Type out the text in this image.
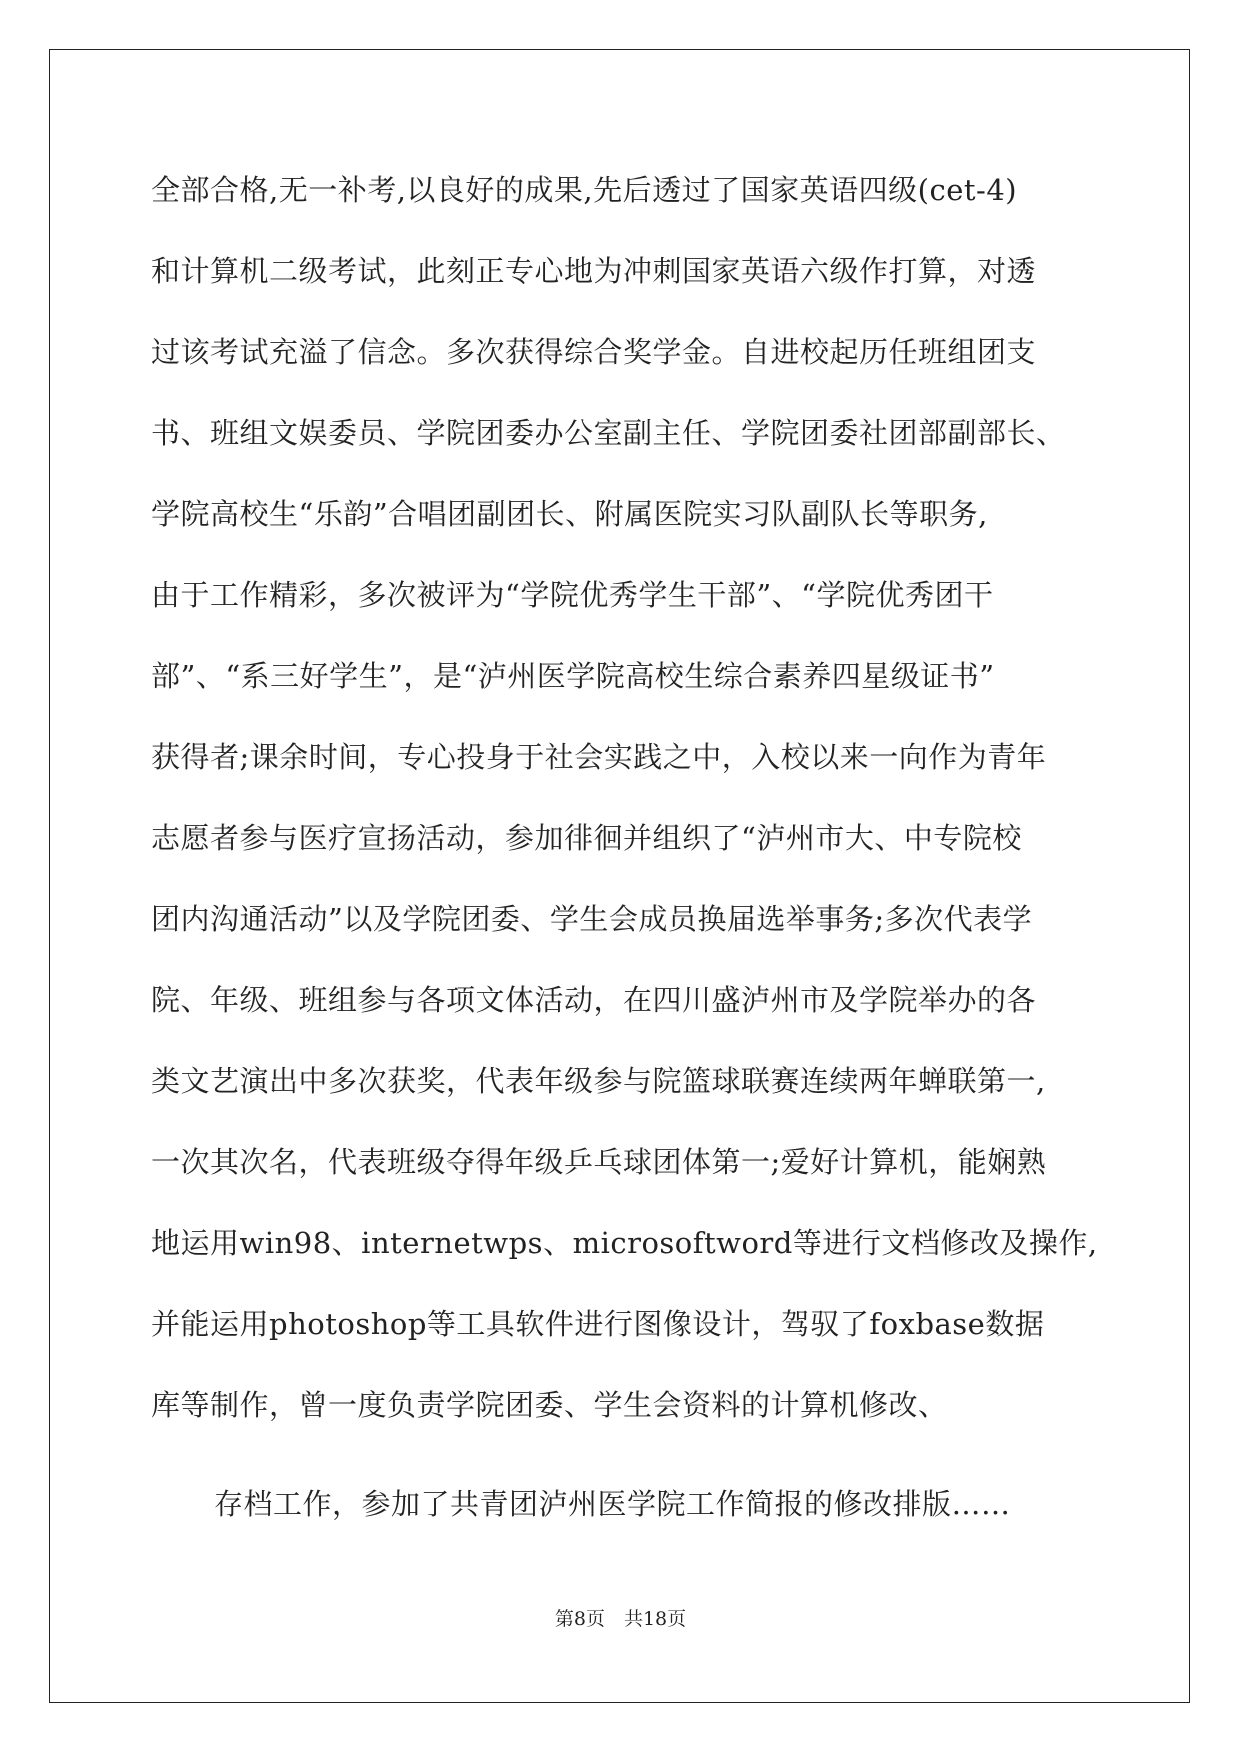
全部合格,无一补考,以良好的成果,先后透过了国家英语四级(cet-4)
和计算机二级考试，此刻正专心地为冲刺国家英语六级作打算，对透
过该考试充溢了信念。多次获得综合奖学金。自进校起历任班组团支
书、班组文娱委员、学院团委办公室副主任、学院团委社团部副部长、
学院高校生“乐韵”合唱团副团长、附属医院实习队副队长等职务,
由于工作精彩，多次被评为“学院优秀学生干部”、“学院优秀团干
部”、“系三好学生”，是“泸州医学院高校生综合素养四星级证书”
获得者;课余时间，专心投身于社会实践之中，入校以来一向作为青年
志愿者参与医疗宣扬活动，参加徘徊并组织了“泸州市大、中专院校
团内沟通活动”以及学院团委、学生会成员换届选举事务;多次代表学
院、年级、班组参与各项文体活动，在四川盛泸州市及学院举办的各
类文艺演出中多次获奖，代表年级参与院篮球联赛连续两年蝉联第一,
一次其次名，代表班级夺得年级乒乓球团体第一;爱好计算机，能娴熟
地运用win98、internetwps、microsoftword等进行文档修改及操作,
并能运用photoshop等工具软件进行图像设计，驾驭了foxbase数据
库等制作，曾一度负责学院团委、学生会资料的计算机修改、
存档工作，参加了共青团泸州医学院工作简报的修改排版……
第8页　共18页
